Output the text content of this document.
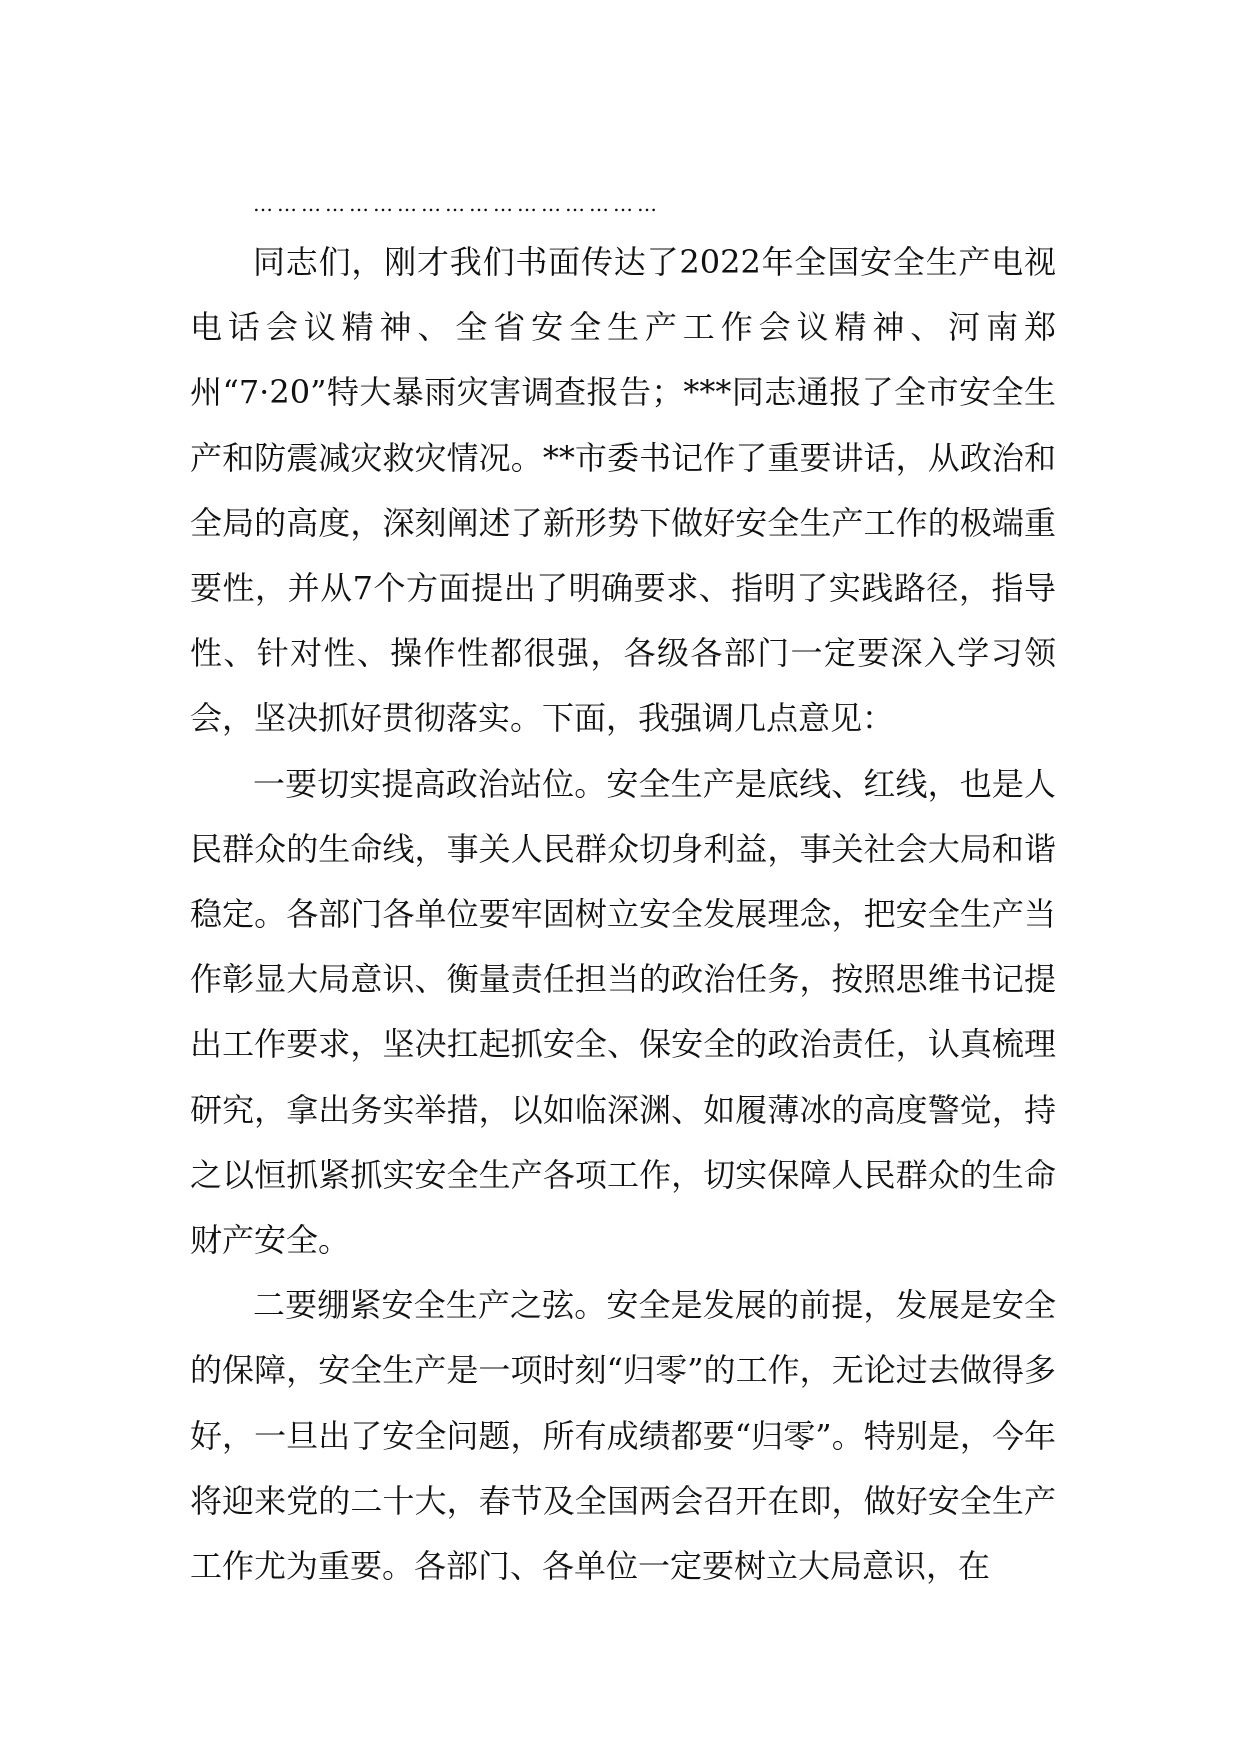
……………………………………………

同志们，刚才我们书面传达了2022年全国安全生产电视电话会议精神、全省安全生产工作会议精神、河南郑州“7·20”特大暴雨灾害调查报告；***同志通报了全市安全生产和防震减灾救灾情况。**市委书记作了重要讲话，从政治和全局的高度，深刻阐述了新形势下做好安全生产工作的极端重要性，并从7个方面提出了明确要求、指明了实践路径，指导性、针对性、操作性都很强，各级各部门一定要深入学习领会，坚决抓好贯彻落实。下面，我强调几点意见：

一要切实提高政治站位。安全生产是底线、红线，也是人民群众的生命线，事关人民群众切身利益，事关社会大局和谐稳定。各部门各单位要牢固树立安全发展理念，把安全生产当作彰显大局意识、衡量责任担当的政治任务，按照思维书记提出工作要求，坚决扛起抓安全、保安全的政治责任，认真梳理研究，拿出务实举措，以如临深渊、如履薄冰的高度警觉，持之以恒抓紧抓实安全生产各项工作，切实保障人民群众的生命财产安全。

二要绷紧安全生产之弦。安全是发展的前提，发展是安全的保障，安全生产是一项时刻“归零”的工作，无论过去做得多好，一旦出了安全问题，所有成绩都要“归零”。特别是，今年将迎来党的二十大，春节及全国两会召开在即，做好安全生产工作尤为重要。各部门、各单位一定要树立大局意识，在
